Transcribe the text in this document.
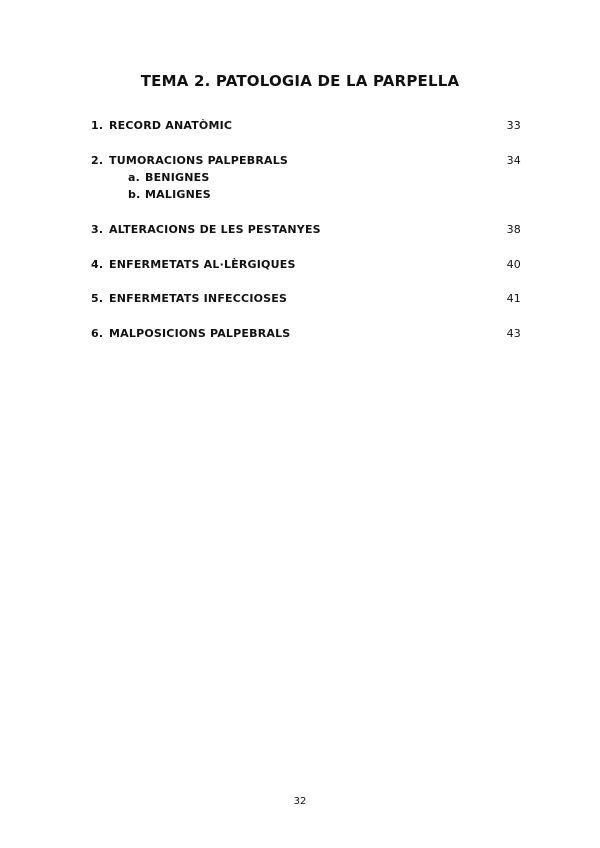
TEMA 2. PATOLOGIA DE LA PARPELLA
1. RECORD ANATÒMIC	33
2. TUMORACIONS PALPEBRALS	34
a. BENIGNES
b. MALIGNES
3. ALTERACIONS DE LES PESTANYES	38
4. ENFERMETATS AL·LÈRGIQUES	40
5. ENFERMETATS INFECCIOSES	41
6. MALPOSICIONS PALPEBRALS	43
32
